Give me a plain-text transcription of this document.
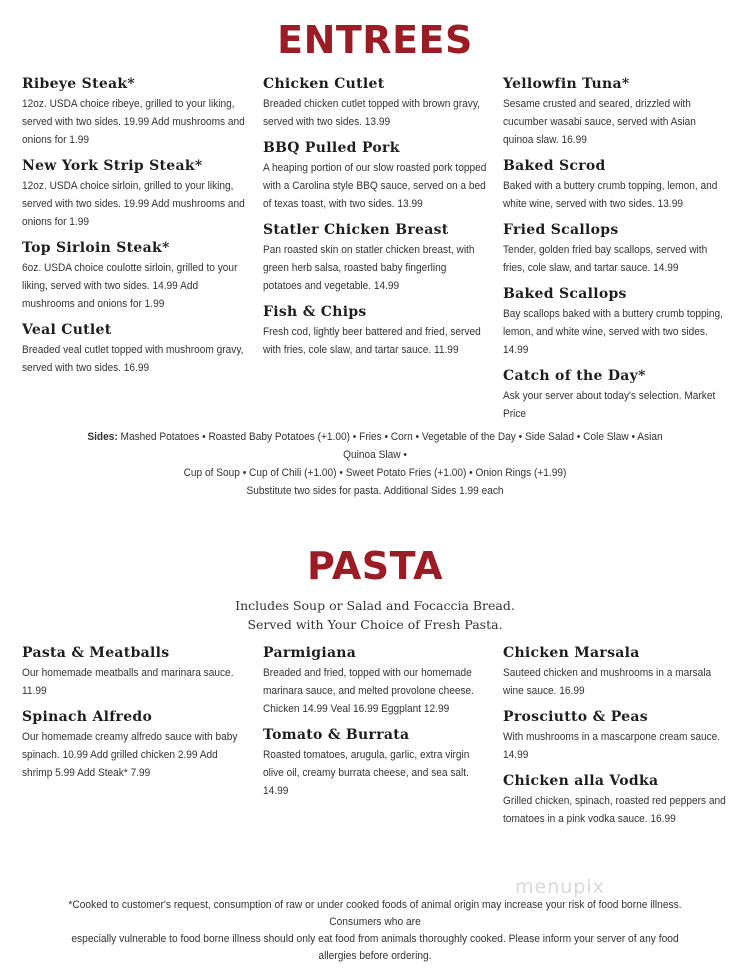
ENTREES
Ribeye Steak*

12oz. USDA choice ribeye, grilled to your liking, served with two sides. 19.99 Add mushrooms and onions for 1.99

New York Strip Steak*

12oz. USDA choice sirloin, grilled to your liking, served with two sides. 19.99 Add mushrooms and onions for 1.99

Top Sirloin Steak*

6oz. USDA choice coulotte sirloin, grilled to your liking, served with two sides. 14.99 Add mushrooms and onions for 1.99

Veal Cutlet

Breaded veal cutlet topped with mushroom gravy, served with two sides. 16.99

Chicken Cutlet

Breaded chicken cutlet topped with brown gravy, served with two sides. 13.99

BBQ Pulled Pork

A heaping portion of our slow roasted pork topped with a Carolina style BBQ sauce, served on a bed of texas toast, with two sides. 13.99

Statler Chicken Breast

Pan roasted skin on statler chicken breast, with green herb salsa, roasted baby fingerling potatoes and vegetable. 14.99

Fish & Chips

Fresh cod, lightly beer battered and fried, served with fries, cole slaw, and tartar sauce. 11.99

Yellowfin Tuna*

Sesame crusted and seared, drizzled with cucumber wasabi sauce, served with Asian quinoa slaw. 16.99

Baked Scrod

Baked with a buttery crumb topping, lemon, and white wine, served with two sides. 13.99

Fried Scallops

Tender, golden fried bay scallops, served with fries, cole slaw, and tartar sauce. 14.99

Baked Scallops

Bay scallops baked with a buttery crumb topping, lemon, and white wine, served with two sides. 14.99

Catch of the Day*

Ask your server about today's selection. Market Price

Sides: Mashed Potatoes • Roasted Baby Potatoes (+1.00) • Fries • Corn • Vegetable of the Day • Side Salad • Cole Slaw • Asian Quinoa Slaw •
Cup of Soup • Cup of Chili (+1.00) • Sweet Potato Fries (+1.00) • Onion Rings (+1.99)
Substitute two sides for pasta. Additional Sides 1.99 each
PASTA
Includes Soup or Salad and Focaccia Bread.
Served with Your Choice of Fresh Pasta.
Pasta & Meatballs

Our homemade meatballs and marinara sauce. 11.99

Spinach Alfredo

Our homemade creamy alfredo sauce with baby spinach. 10.99 Add grilled chicken 2.99 Add shrimp 5.99 Add Steak* 7.99

Parmigiana

Breaded and fried, topped with our homemade marinara sauce, and melted provolone cheese. Chicken 14.99 Veal 16.99 Eggplant 12.99

Tomato & Burrata

Roasted tomatoes, arugula, garlic, extra virgin olive oil, creamy burrata cheese, and sea salt. 14.99

Chicken Marsala

Sauteed chicken and mushrooms in a marsala wine sauce. 16.99

Prosciutto & Peas

With mushrooms in a mascarpone cream sauce. 14.99

Chicken alla Vodka

Grilled chicken, spinach, roasted red peppers and tomatoes in a pink vodka sauce. 16.99

menupix
*Cooked to customer's request, consumption of raw or under cooked foods of animal origin may increase your risk of food borne illness. Consumers who are
especially vulnerable to food borne illness should only eat food from animals thoroughly cooked. Please inform your server of any food allergies before ordering.
